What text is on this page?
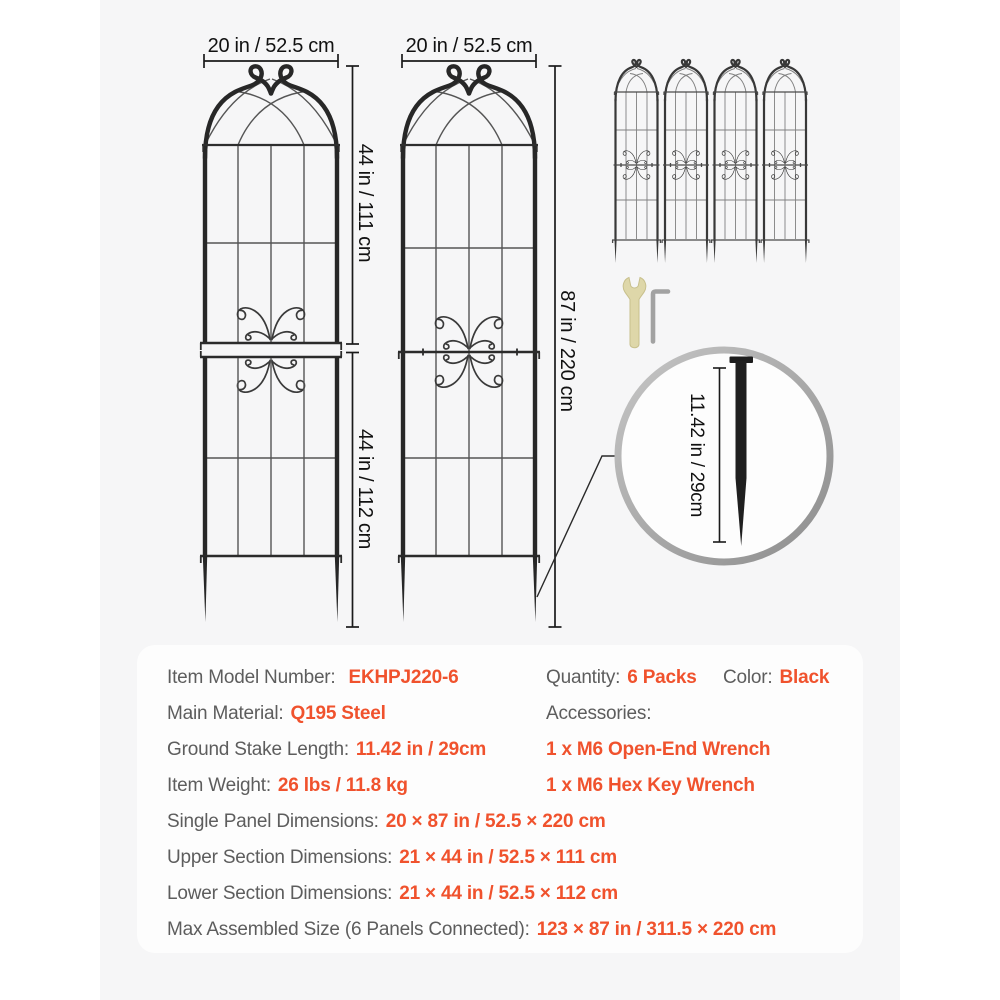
20 in / 52.5 cm	20 in / 52.5 cm
44 in / 111 cm
44 in / 112 cm
87 in / 220 cm
11.42 in / 29cm
Item Model Number: EKHPJ220-6
Main Material: Q195 Steel
Ground Stake Length: 11.42 in / 29cm
Item Weight: 26 lbs / 11.8 kg
Single Panel Dimensions: 20 × 87 in / 52.5 × 220 cm
Upper Section Dimensions: 21 × 44 in / 52.5 × 111 cm
Lower Section Dimensions: 21 × 44 in / 52.5 × 112 cm
Max Assembled Size (6 Panels Connected): 123 × 87 in / 311.5 × 220 cm
Quantity: 6 Packs
Accessories:
1 x M6 Open-End Wrench
1 x M6 Hex Key Wrench
Color: Black
